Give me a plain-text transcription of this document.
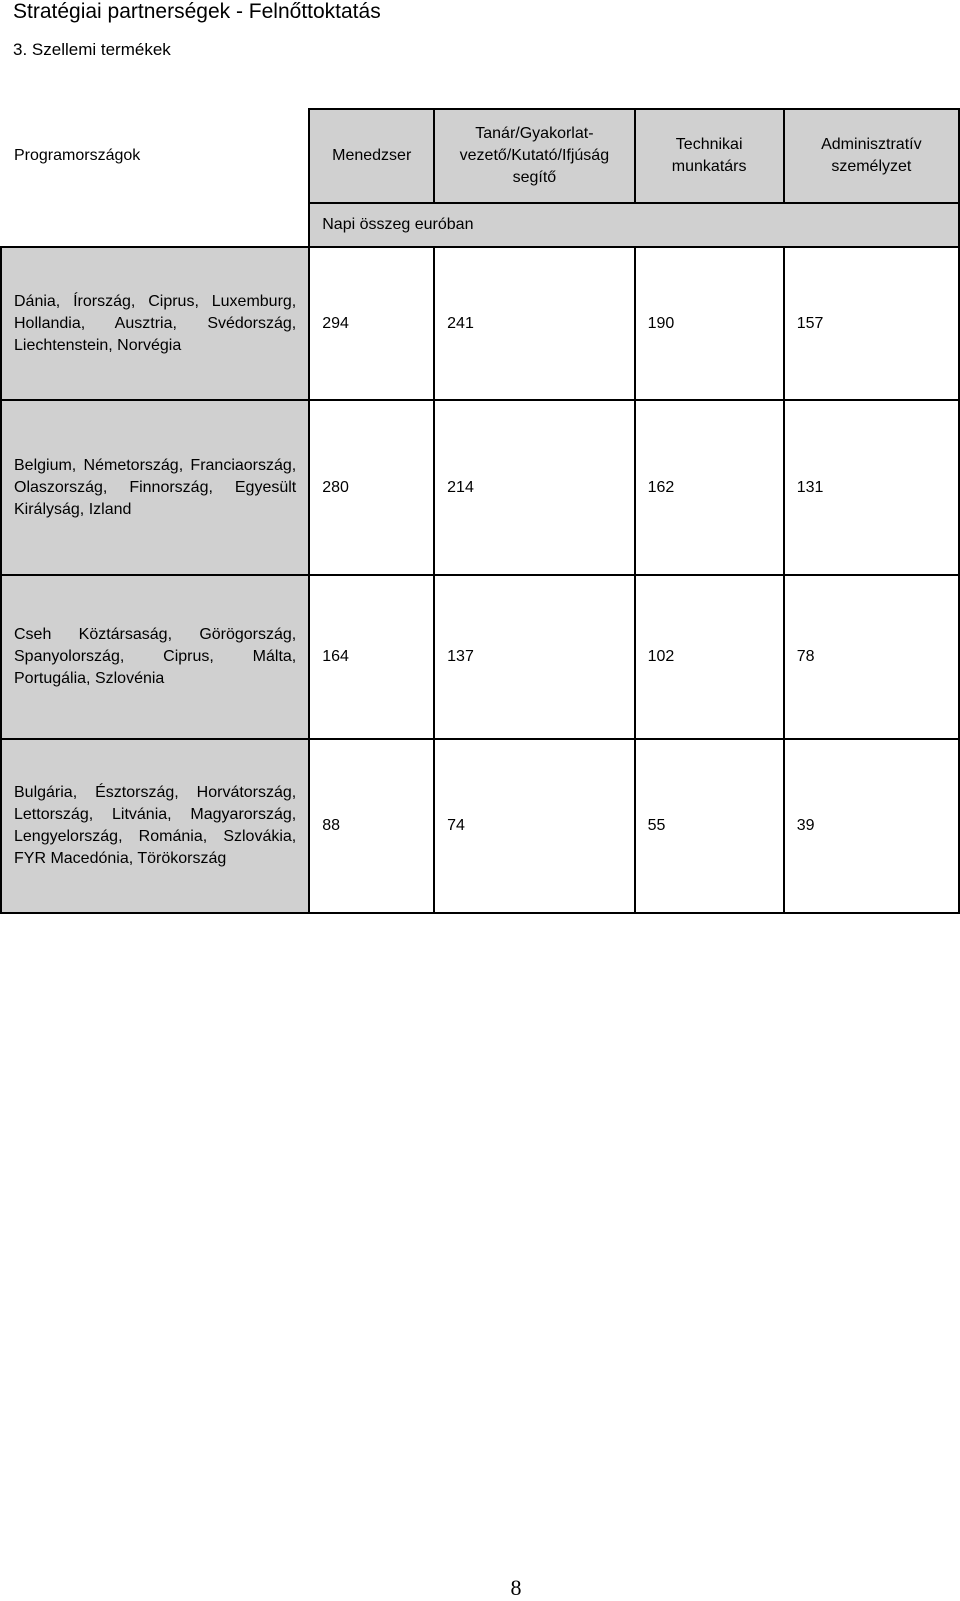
Stratégiai partnerségek - Felnőttoktatás
3. Szellemi termékek
Programországok	Menedzser	Tanár/Gyakorlat-vezető/Kutató/Ifjúság segítő	Technikai munkatárs	Adminisztratív személyzet
	Napi összeg euróban			
Dánia, Írország, Ciprus, Luxemburg, Hollandia, Ausztria, Svédország, Liechtenstein, Norvégia	294	241	190	157
Belgium, Németország, Franciaország, Olaszország, Finnország, Egyesült Királyság, Izland	280	214	162	131
Cseh Köztársaság, Görögország, Spanyolország, Ciprus, Málta, Portugália, Szlovénia	164	137	102	78
Bulgária, Észtország, Horvátország, Lettország, Litvánia, Magyarország, Lengyelország, Románia, Szlovákia, FYR Macedónia, Törökország	88	74	55	39
8
